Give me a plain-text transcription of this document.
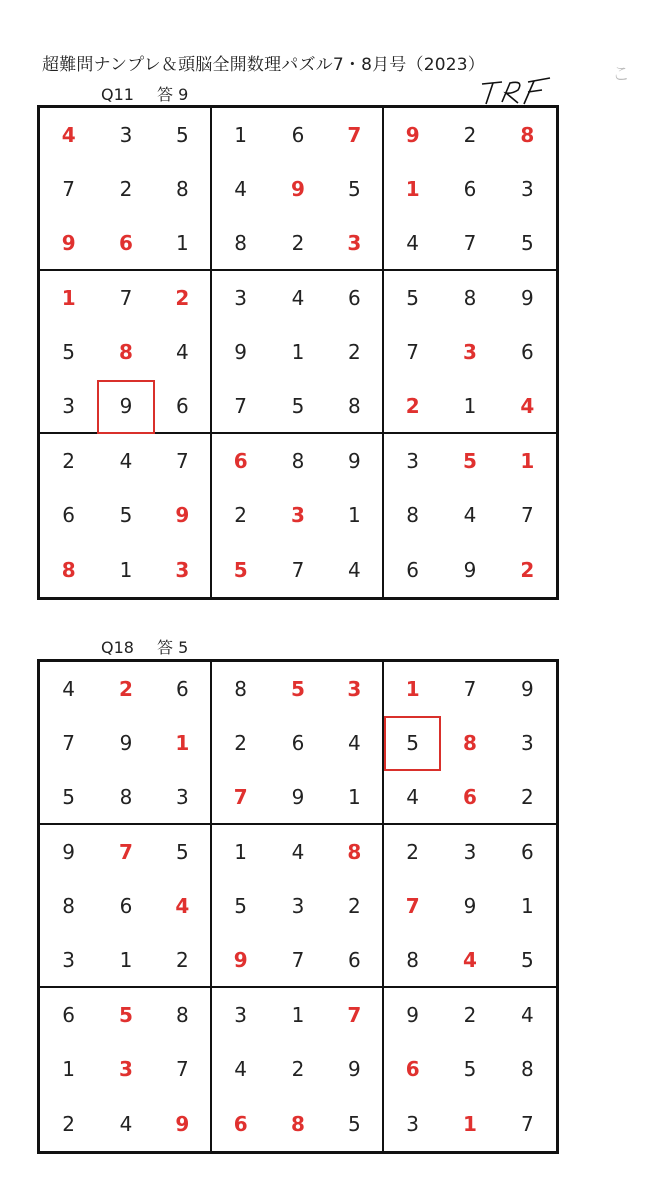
超難問ナンプレ＆頭脳全開数理パズル7・8月号（2023）	こ
Q11 答 9
4	3	5	1	6	7	9	2	8
7	2	8	4	9	5	1	6	3
9	6	1	8	2	3	4	7	5
1	7	2	3	4	6	5	8	9
5	8	4	9	1	2	7	3	6
3	9	6	7	5	8	2	1	4
2	4	7	6	8	9	3	5	1
6	5	9	2	3	1	8	4	7
8	1	3	5	7	4	6	9	2
Q18 答 5
4	2	6	8	5	3	1	7	9
7	9	1	2	6	4	5	8	3
5	8	3	7	9	1	4	6	2
9	7	5	1	4	8	2	3	6
8	6	4	5	3	2	7	9	1
3	1	2	9	7	6	8	4	5
6	5	8	3	1	7	9	2	4
1	3	7	4	2	9	6	5	8
2	4	9	6	8	5	3	1	7
